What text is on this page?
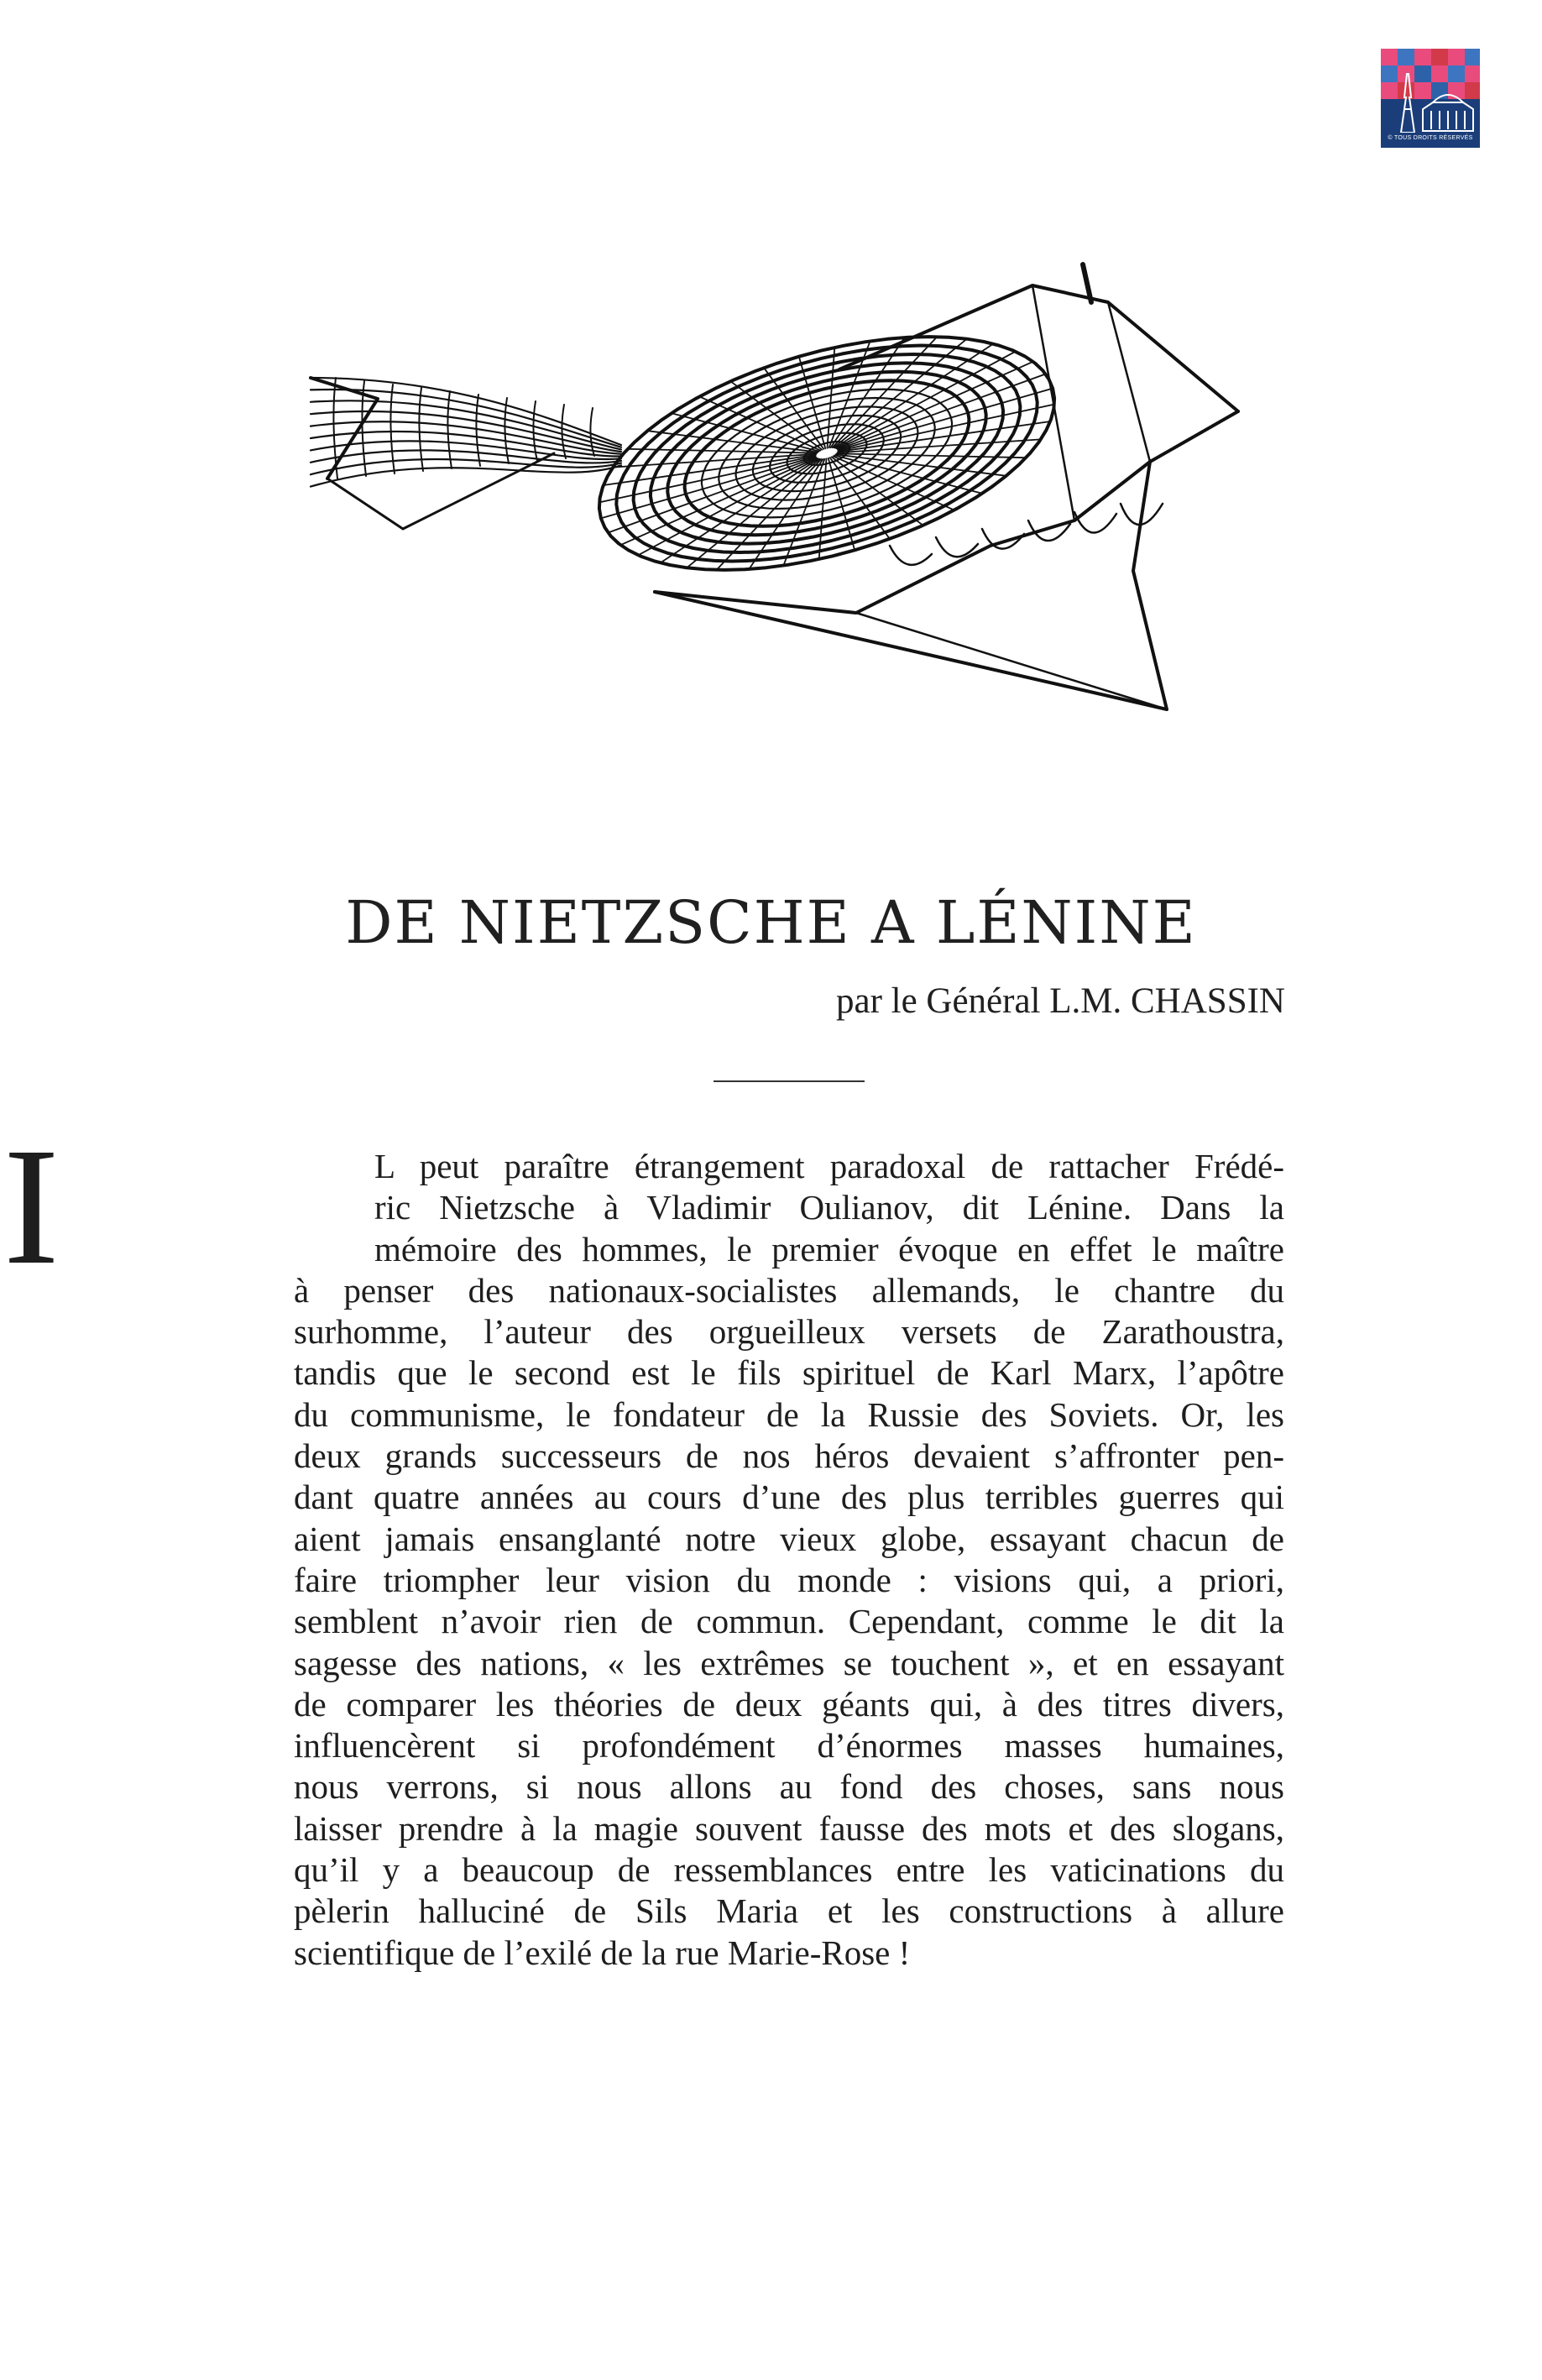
© TOUS DROITS RÉSERVÉS
DE NIETZSCHE A LÉNINE

par le Général L.M. CHASSIN

I	L peut paraître étrangement paradoxal de rattacher Frédé-
ric Nietzsche à Vladimir Oulianov, dit Lénine. Dans la
mémoire des hommes, le premier évoque en effet le maître
à penser des nationaux-socialistes allemands, le chantre du
surhomme, l’auteur des orgueilleux versets de Zarathoustra,
tandis que le second est le fils spirituel de Karl Marx, l’apôtre
du communisme, le fondateur de la Russie des Soviets. Or, les
deux grands successeurs de nos héros devaient s’affronter pen-
dant quatre années au cours d’une des plus terribles guerres qui
aient jamais ensanglanté notre vieux globe, essayant chacun de
faire triompher leur vision du monde : visions qui, a priori,
semblent n’avoir rien de commun. Cependant, comme le dit la
sagesse des nations, « les extrêmes se touchent », et en essayant
de comparer les théories de deux géants qui, à des titres divers,
influencèrent si profondément d’énormes masses humaines,
nous verrons, si nous allons au fond des choses, sans nous
laisser prendre à la magie souvent fausse des mots et des slogans,
qu’il y a beaucoup de ressemblances entre les vaticinations du
pèlerin halluciné de Sils Maria et les constructions à allure
scientifique de l’exilé de la rue Marie-Rose !
